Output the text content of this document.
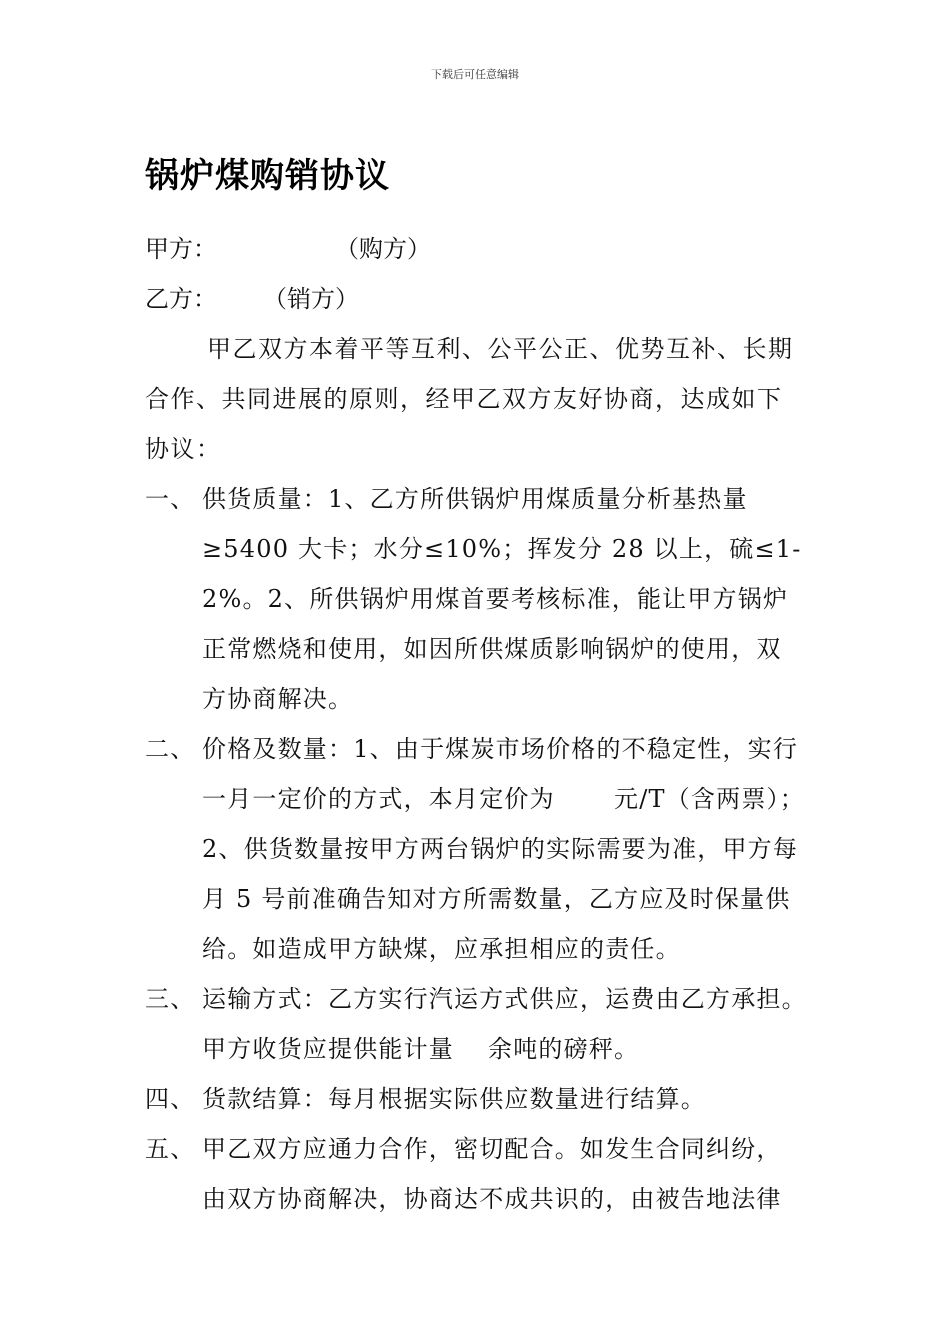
下载后可任意编辑
锅炉煤购销协议
甲方：	（购方）
乙方： （销方）
甲乙双方本着平等互利、公平公正、优势互补、长期
合作、共同进展的原则，经甲乙双方友好协商，达成如下
协议：
一、 供货质量：1、乙方所供锅炉用煤质量分析基热量
≥5400 大卡；水分≤10%；挥发分 28 以上，硫≤1-
2%。2、所供锅炉用煤首要考核标准，能让甲方锅炉
正常燃烧和使用，如因所供煤质影响锅炉的使用，双
方协商解决。
二、 价格及数量：1、由于煤炭市场价格的不稳定性，实行
一月一定价的方式，本月定价为　　 元/T（含两票）；
2、供货数量按甲方两台锅炉的实际需要为准，甲方每
月 5 号前准确告知对方所需数量，乙方应及时保量供
给。如造成甲方缺煤，应承担相应的责任。
三、 运输方式：乙方实行汽运方式供应，运费由乙方承担。
甲方收货应提供能计量　 余吨的磅秤。
四、 货款结算：每月根据实际供应数量进行结算。
五、 甲乙双方应通力合作，密切配合。如发生合同纠纷，
由双方协商解决，协商达不成共识的，由被告地法律
